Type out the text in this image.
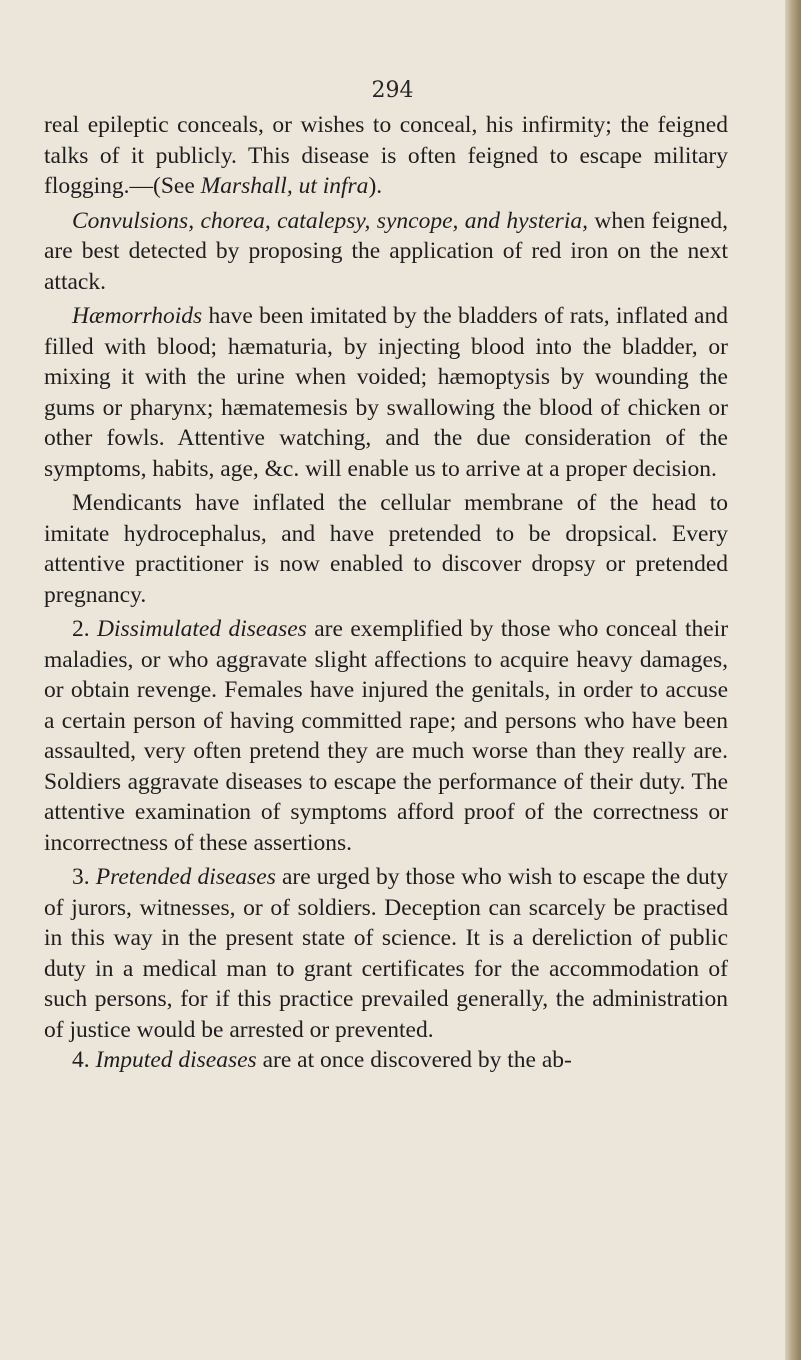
294

real epileptic conceals, or wishes to conceal, his infirmity; the feigned talks of it publicly. This disease is often feigned to escape military flogging.—(See Marshall, ut infra).

Convulsions, chorea, catalepsy, syncope, and hysteria, when feigned, are best detected by proposing the application of red iron on the next attack.

Hæmorrhoids have been imitated by the bladders of rats, inflated and filled with blood; hæmaturia, by injecting blood into the bladder, or mixing it with the urine when voided; hæmoptysis by wounding the gums or pharynx; hæmatemesis by swallowing the blood of chicken or other fowls. Attentive watching, and the due consideration of the symptoms, habits, age, &c. will enable us to arrive at a proper decision.

Mendicants have inflated the cellular membrane of the head to imitate hydrocephalus, and have pretended to be dropsical. Every attentive practitioner is now enabled to discover dropsy or pretended pregnancy.

2. Dissimulated diseases are exemplified by those who conceal their maladies, or who aggravate slight affections to acquire heavy damages, or obtain revenge. Females have injured the genitals, in order to accuse a certain person of having committed rape; and persons who have been assaulted, very often pretend they are much worse than they really are. Soldiers aggravate diseases to escape the performance of their duty. The attentive examination of symptoms afford proof of the correctness or incorrectness of these assertions.

3. Pretended diseases are urged by those who wish to escape the duty of jurors, witnesses, or of soldiers. Deception can scarcely be practised in this way in the present state of science. It is a dereliction of public duty in a medical man to grant certificates for the accommodation of such persons, for if this practice prevailed generally, the administration of justice would be arrested or prevented.

4. Imputed diseases are at once discovered by the ab-
